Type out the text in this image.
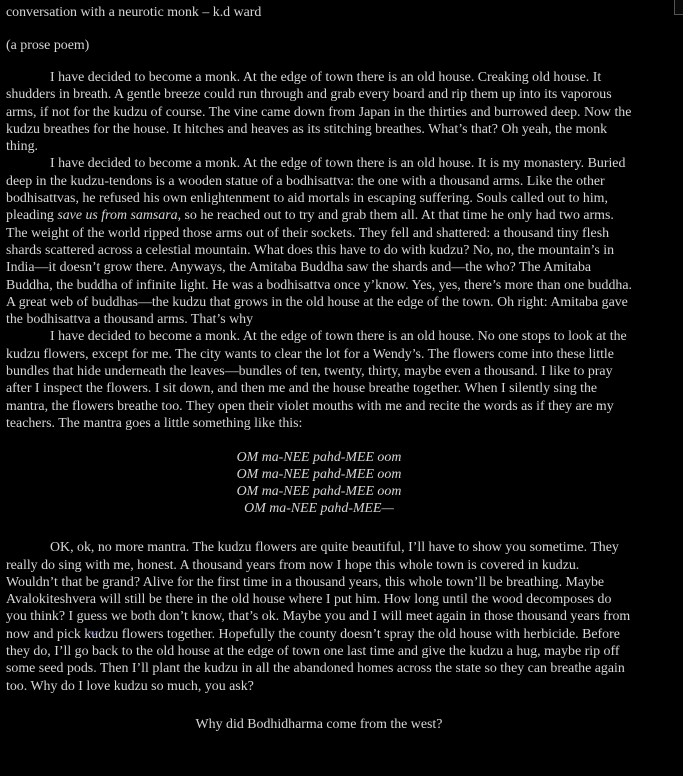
conversation with a neurotic monk – k.d ward
(a prose poem)

I have decided to become a monk. At the edge of town there is an old house. Creaking old house. It shudders in breath. A gentle breeze could run through and grab every board and rip them up into its vaporous arms, if not for the kudzu of course. The vine came down from Japan in the thirties and burrowed deep. Now the kudzu breathes for the house. It hitches and heaves as its stitching breathes. What’s that? Oh yeah, the monk thing.

I have decided to become a monk. At the edge of town there is an old house. It is my monastery. Buried deep in the kudzu-tendons is a wooden statue of a bodhisattva: the one with a thousand arms. Like the other bodhisattvas, he refused his own enlightenment to aid mortals in escaping suffering. Souls called out to him, pleading save us from samsara, so he reached out to try and grab them all. At that time he only had two arms. The weight of the world ripped those arms out of their sockets. They fell and shattered: a thousand tiny flesh shards scattered across a celestial mountain. What does this have to do with kudzu? No, no, the mountain’s in India—it doesn’t grow there. Anyways, the Amitaba Buddha saw the shards and—the who? The Amitaba Buddha, the buddha of infinite light. He was a bodhisattva once y’know. Yes, yes, there’s more than one buddha. A great web of buddhas—the kudzu that grows in the old house at the edge of the town. Oh right: Amitaba gave the bodhisattva a thousand arms. That’s why

I have decided to become a monk. At the edge of town there is an old house. No one stops to look at the kudzu flowers, except for me. The city wants to clear the lot for a Wendy’s. The flowers come into these little bundles that hide underneath the leaves—bundles of ten, twenty, thirty, maybe even a thousand. I like to pray after I inspect the flowers. I sit down, and then me and the house breathe together. When I silently sing the mantra, the flowers breathe too. They open their violet mouths with me and recite the words as if they are my teachers. The mantra goes a little something like this:

OM ma-NEE pahd-MEE oom
OM ma-NEE pahd-MEE oom
OM ma-NEE pahd-MEE oom
OM ma-NEE pahd-MEE—

OK, ok, no more mantra. The kudzu flowers are quite beautiful, I’ll have to show you sometime. They really do sing with me, honest. A thousand years from now I hope this whole town is covered in kudzu. Wouldn’t that be grand? Alive for the first time in a thousand years, this whole town’ll be breathing. Maybe Avalokiteshvera will still be there in the old house where I put him. How long until the wood decomposes do you think? I guess we both don’t know, that’s ok. Maybe you and I will meet again in those thousand years from now and pick kudzu flowers together. Hopefully the county doesn’t spray the old house with herbicide. Before they do, I’ll go back to the old house at the edge of town one last time and give the kudzu a hug, maybe rip off some seed pods. Then I’ll plant the kudzu in all the abandoned homes across the state so they can breathe again too. Why do I love kudzu so much, you ask?

Why did Bodhidharma come from the west?
